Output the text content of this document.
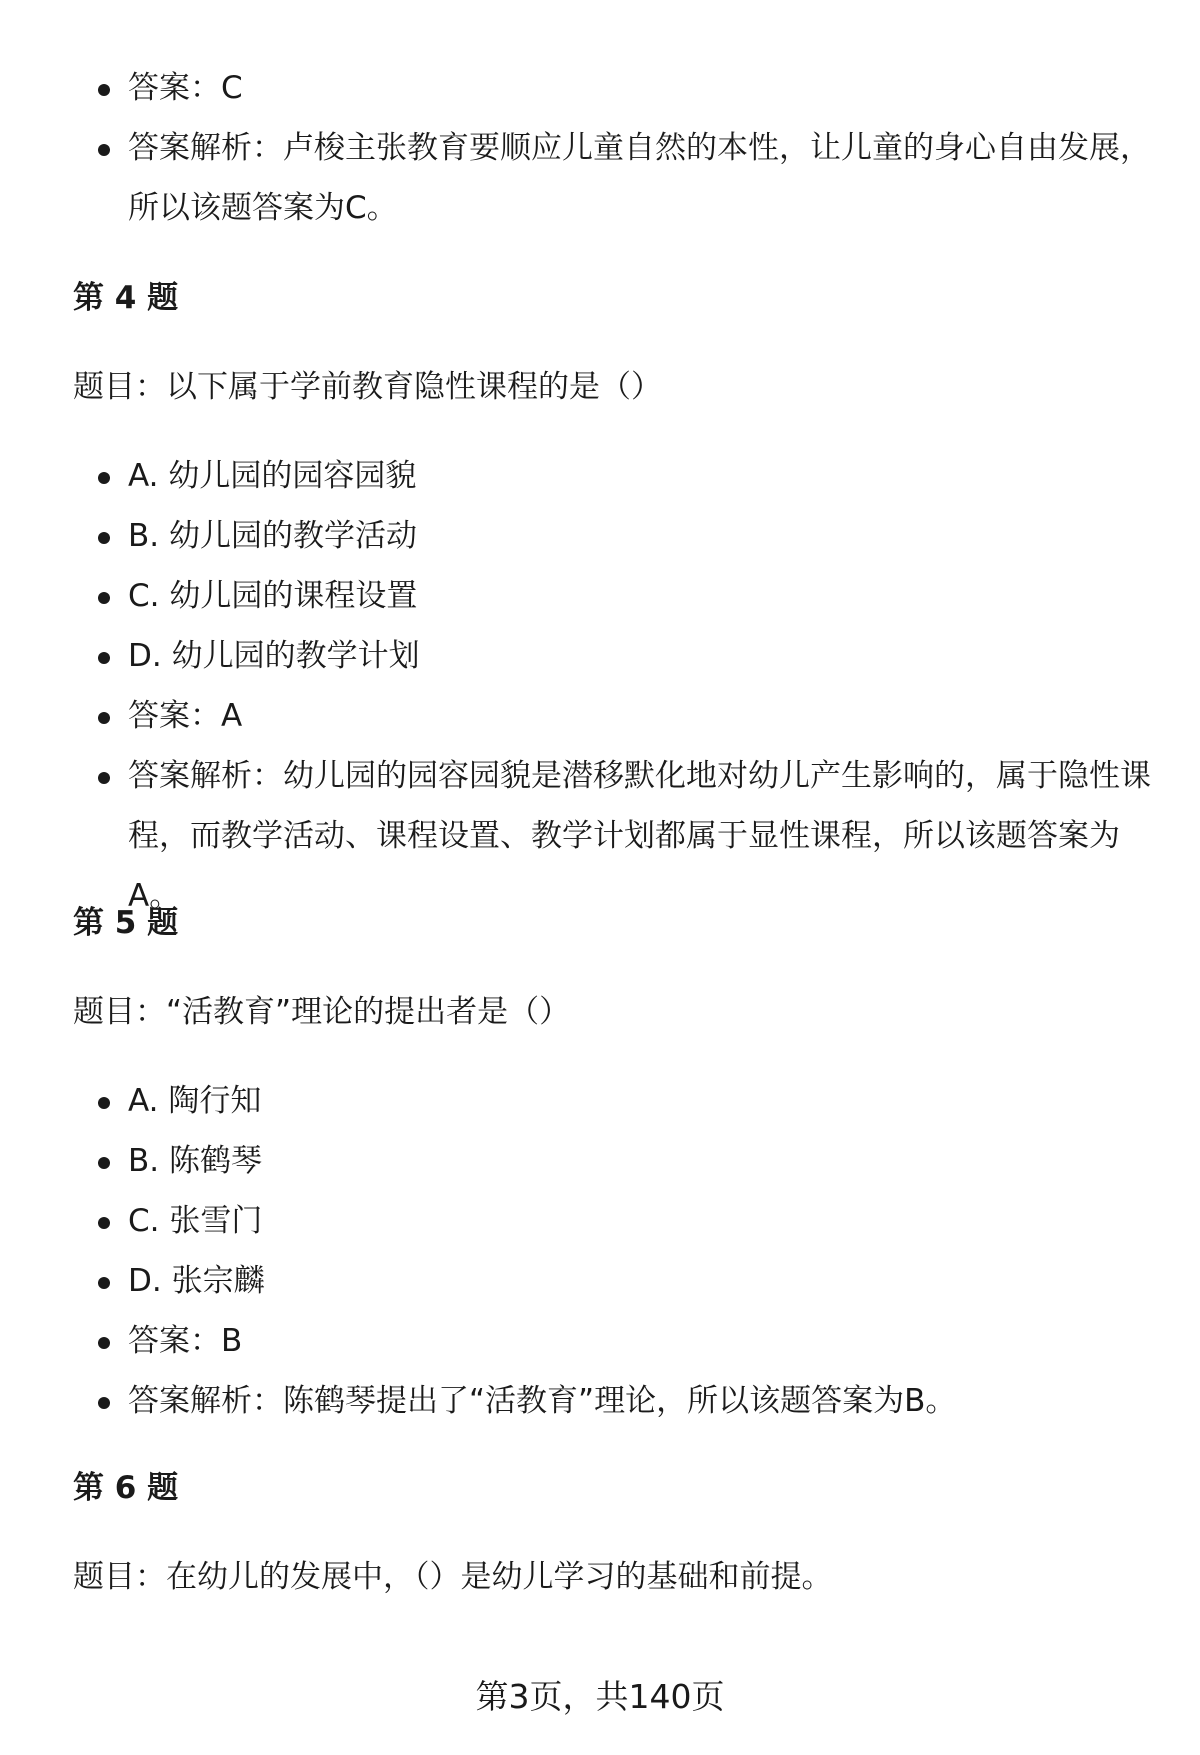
答案：C
答案解析：卢梭主张教育要顺应儿童自然的本性，让儿童的身心自由发展，所以该题答案为C。
第 4 题
题目：以下属于学前教育隐性课程的是（）
A. 幼儿园的园容园貌
B. 幼儿园的教学活动
C. 幼儿园的课程设置
D. 幼儿园的教学计划
答案：A
答案解析：幼儿园的园容园貌是潜移默化地对幼儿产生影响的，属于隐性课程，而教学活动、课程设置、教学计划都属于显性课程，所以该题答案为A。
第 5 题
题目：“活教育”理论的提出者是（）
A. 陶行知
B. 陈鹤琴
C. 张雪门
D. 张宗麟
答案：B
答案解析：陈鹤琴提出了“活教育”理论，所以该题答案为B。
第 6 题
题目：在幼儿的发展中，（）是幼儿学习的基础和前提。
第3页，共140页
